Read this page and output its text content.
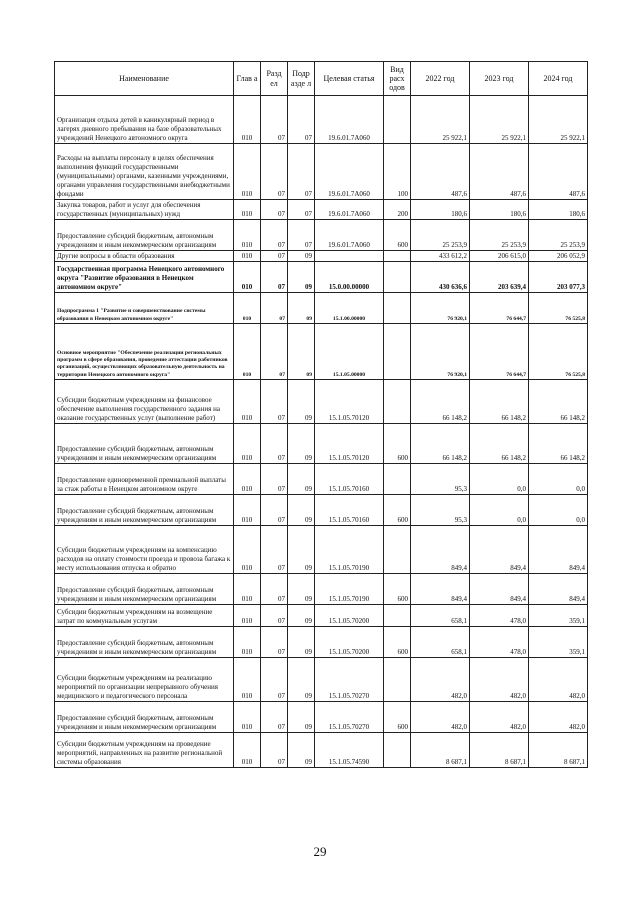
Наименование	Глав а	Разд ел	Подр азде л	Целевая статья	Вид расх одов	2022 год	2023 год	2024 год
Организация отдыха детей в каникулярный период в лагерях дневного пребывания на базе образовательных учреждений Ненецкого автономного округа	010	07	07	19.6.01.7А060		25 922,1	25 922,1	25 922,1
Расходы на выплаты персоналу в целях обеспечения выполнения функций государственными (муниципальными) органами, казенными учреждениями, органами управления государственными внебюджетными фондами	010	07	07	19.6.01.7А060	100	487,6	487,6	487,6
Закупка товаров, работ и услуг для обеспечения государственных (муниципальных) нужд	010	07	07	19.6.01.7А060	200	180,6	180,6	180,6
Предоставление субсидий бюджетным, автономным учреждениям и иным некоммерческим организациям	010	07	07	19.6.01.7А060	600	25 253,9	25 253,9	25 253,9
Другие вопросы в области образования	010	07	09			433 612,2	206 615,0	206 052,9
Государственная программа Ненецкого автономного округа "Развитие образования в Ненецком автономном округе"	010	07	09	15.0.00.00000		430 636,6	203 639,4	203 077,3
Подпрограмма 1 "Развитие и совершенствование системы образования в Ненецком автономном округе"	010	07	09	15.1.00.00000		76 920,1	76 644,7	76 525,8
Основное мероприятие "Обеспечение реализации региональных программ в сфере образования, проведение аттестации работников организаций, осуществляющих образовательную деятельность на территории Ненецкого автономного округа"	010	07	09	15.1.05.00000		76 920,1	76 644,7	76 525,8
Субсидии бюджетным учреждениям на финансовое обеспечение выполнения государственного задания на оказание государственных услуг (выполнение работ)	010	07	09	15.1.05.70120		66 148,2	66 148,2	66 148,2
Предоставление субсидий бюджетным, автономным учреждениям и иным некоммерческим организациям	010	07	09	15.1.05.70120	600	66 148,2	66 148,2	66 148,2
Предоставление единовременной премиальной выплаты за стаж работы в Ненецком автономном округе	010	07	09	15.1.05.70160		95,3	0,0	0,0
Предоставление субсидий бюджетным, автономным учреждениям и иным некоммерческим организациям	010	07	09	15.1.05.70160	600	95,3	0,0	0,0
Субсидии бюджетным учреждениям на компенсацию расходов на оплату стоимости проезда и провоза багажа к месту использования отпуска и обратно	010	07	09	15.1.05.70190		849,4	849,4	849,4
Предоставление субсидий бюджетным, автономным учреждениям и иным некоммерческим организациям	010	07	09	15.1.05.70190	600	849,4	849,4	849,4
Субсидии бюджетным учреждениям на возмещение затрат по коммунальным услугам	010	07	09	15.1.05.70200		658,1	478,0	359,1
Предоставление субсидий бюджетным, автономным учреждениям и иным некоммерческим организациям	010	07	09	15.1.05.70200	600	658,1	478,0	359,1
Субсидии бюджетным учреждениям на реализацию мероприятий по организации непрерывного обучения медицинского и педагогического персонала	010	07	09	15.1.05.70270		482,0	482,0	482,0
Предоставление субсидий бюджетным, автономным учреждениям и иным некоммерческим организациям	010	07	09	15.1.05.70270	600	482,0	482,0	482,0
Субсидии бюджетным учреждениям на проведение мероприятий, направленных на развитие региональной системы образования	010	07	09	15.1.05.74590		8 687,1	8 687,1	8 687,1
29
